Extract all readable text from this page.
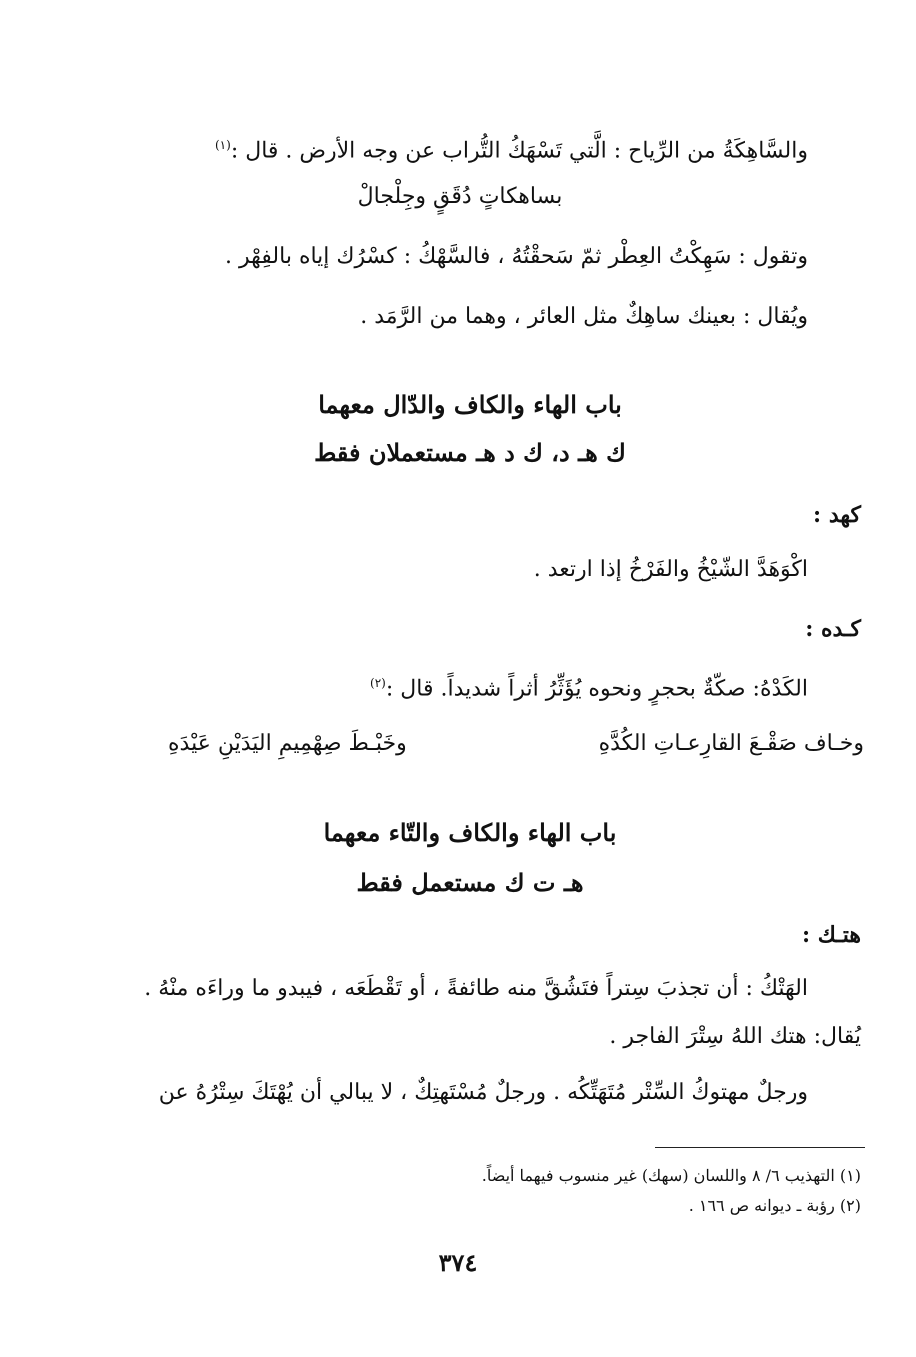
والسَّاهِكَةُ من الرِّياح : الَّتي تَسْهَكُ التُّراب عن وجه الأرض . قال :$^{(١)}$
بساهكاتٍ دُقَقٍ وجِلْجالْ
وتقول : سَهِكْتُ العِطْر ثمّ سَحقْتُهُ ، فالسَّهْكُ : كسْرُك إياه بالفِهْر .
ويُقال : بعينك ساهِكٌ مثل العائر ، وهما من الرَّمَد .
باب الهاء والكاف والدّال معهما
ك هـ د، ك د هـ مستعملان فقط
كهد :
اكْوَهَدَّ الشّيْخُ والفَرْخُ إذا ارتعد .
كـده :
الكَدْهُ: صكّةٌ بحجرٍ ونحوه يُؤَثِّرُ أثراً شديداً. قال :$^{(٢)}$
وخـاف صَقْـعَ القارِعـاتِ الكُدَّهِ
وخَبْـطَ صِهْمِيمِ اليَدَيْنِ عَيْدَهِ
باب الهاء والكاف والتّاء معهما
هـ ت ك مستعمل فقط
هتـك :
الهَتْكُ : أن تجذبَ سِتراً فتَشُقَّ منه طائفةً ، أو تَقْطَعَه ، فيبدو ما وراءَه منْهُ .
يُقال: هتك اللهُ سِتْرَ الفاجر .
ورجلٌ مهتوكُ السِّتْر مُتَهَتِّكُه . ورجلٌ مُسْتَهتِكٌ ، لا يبالي أن يُهْتَكَ سِتْرُهُ عن
(١) التهذيب ٦/ ٨ واللسان (سهك) غير منسوب فيهما أيضاً.
(٢) رؤبة ـ ديوانه ص ١٦٦ .
٣٧٤
